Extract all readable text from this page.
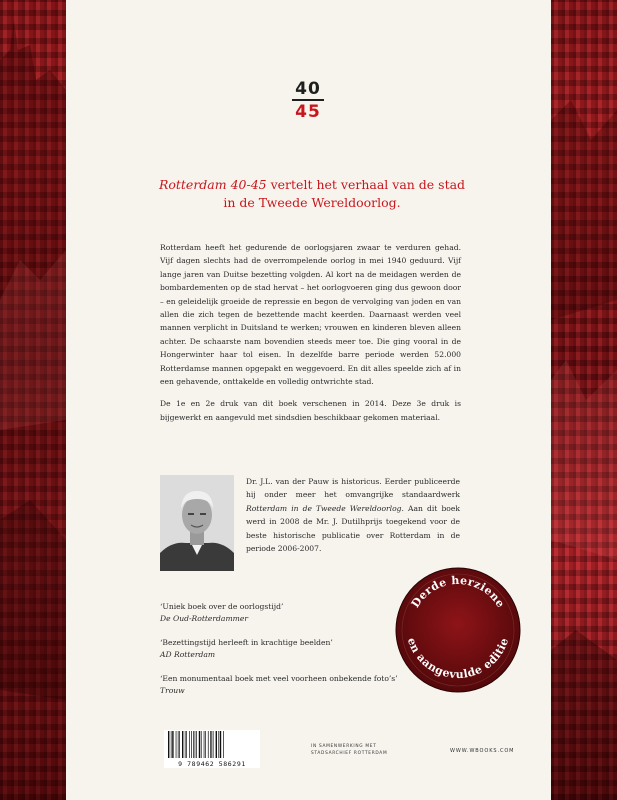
40
45
Rotterdam 40-45 vertelt het verhaal van de stad
in de Tweede Wereldoorlog.

Rotterdam heeft het gedurende de oorlogsjaren zwaar te verduren gehad. Vijf dagen slechts had de overrompelende oorlog in mei 1940 geduurd. Vijf lange jaren van Duitse bezetting volgden. Al kort na de meidagen werden de bombardementen op de stad hervat – het oorlogvoeren ging dus gewoon door – en geleidelijk groeide de repressie en begon de vervolging van joden en van allen die zich tegen de bezettende macht keerden. Daarnaast werden veel mannen verplicht in Duitsland te werken; vrouwen en kinderen bleven alleen achter. De schaarste nam bovendien steeds meer toe. Die ging vooral in de Hongerwinter haar tol eisen. In dezelfde barre periode werden 52.000 Rotterdamse mannen opgepakt en weggevoerd. En dit alles speelde zich af in een gehavende, onttakelde en volledig ontwrichte stad.

De 1e en 2e druk van dit boek verschenen in 2014. Deze 3e druk is bijgewerkt en aangevuld met sindsdien beschikbaar gekomen materiaal.

Dr. J.L. van der Pauw is historicus. Eerder publiceerde hij onder meer het omvangrijke standaardwerk Rotterdam in de Tweede Wereldoorlog. Aan dit boek werd in 2008 de Mr. J. Dutilhprijs toegekend voor de beste historische publicatie over Rotterdam in de periode 2006-2007.
‘Uniek boek over de oorlogstijd’
De Oud-Rotterdammer
‘Bezettingstijd herleeft in krachtige beelden’
AD Rotterdam
‘Een monumentaal boek met veel voorheen onbekende foto’s’
Trouw
9 789462 586291
IN SAMENWERKING MET
STADSARCHIEF ROTTERDAM	WWW.WBOOKS.COM
Derde herziene
en aangevulde editie
